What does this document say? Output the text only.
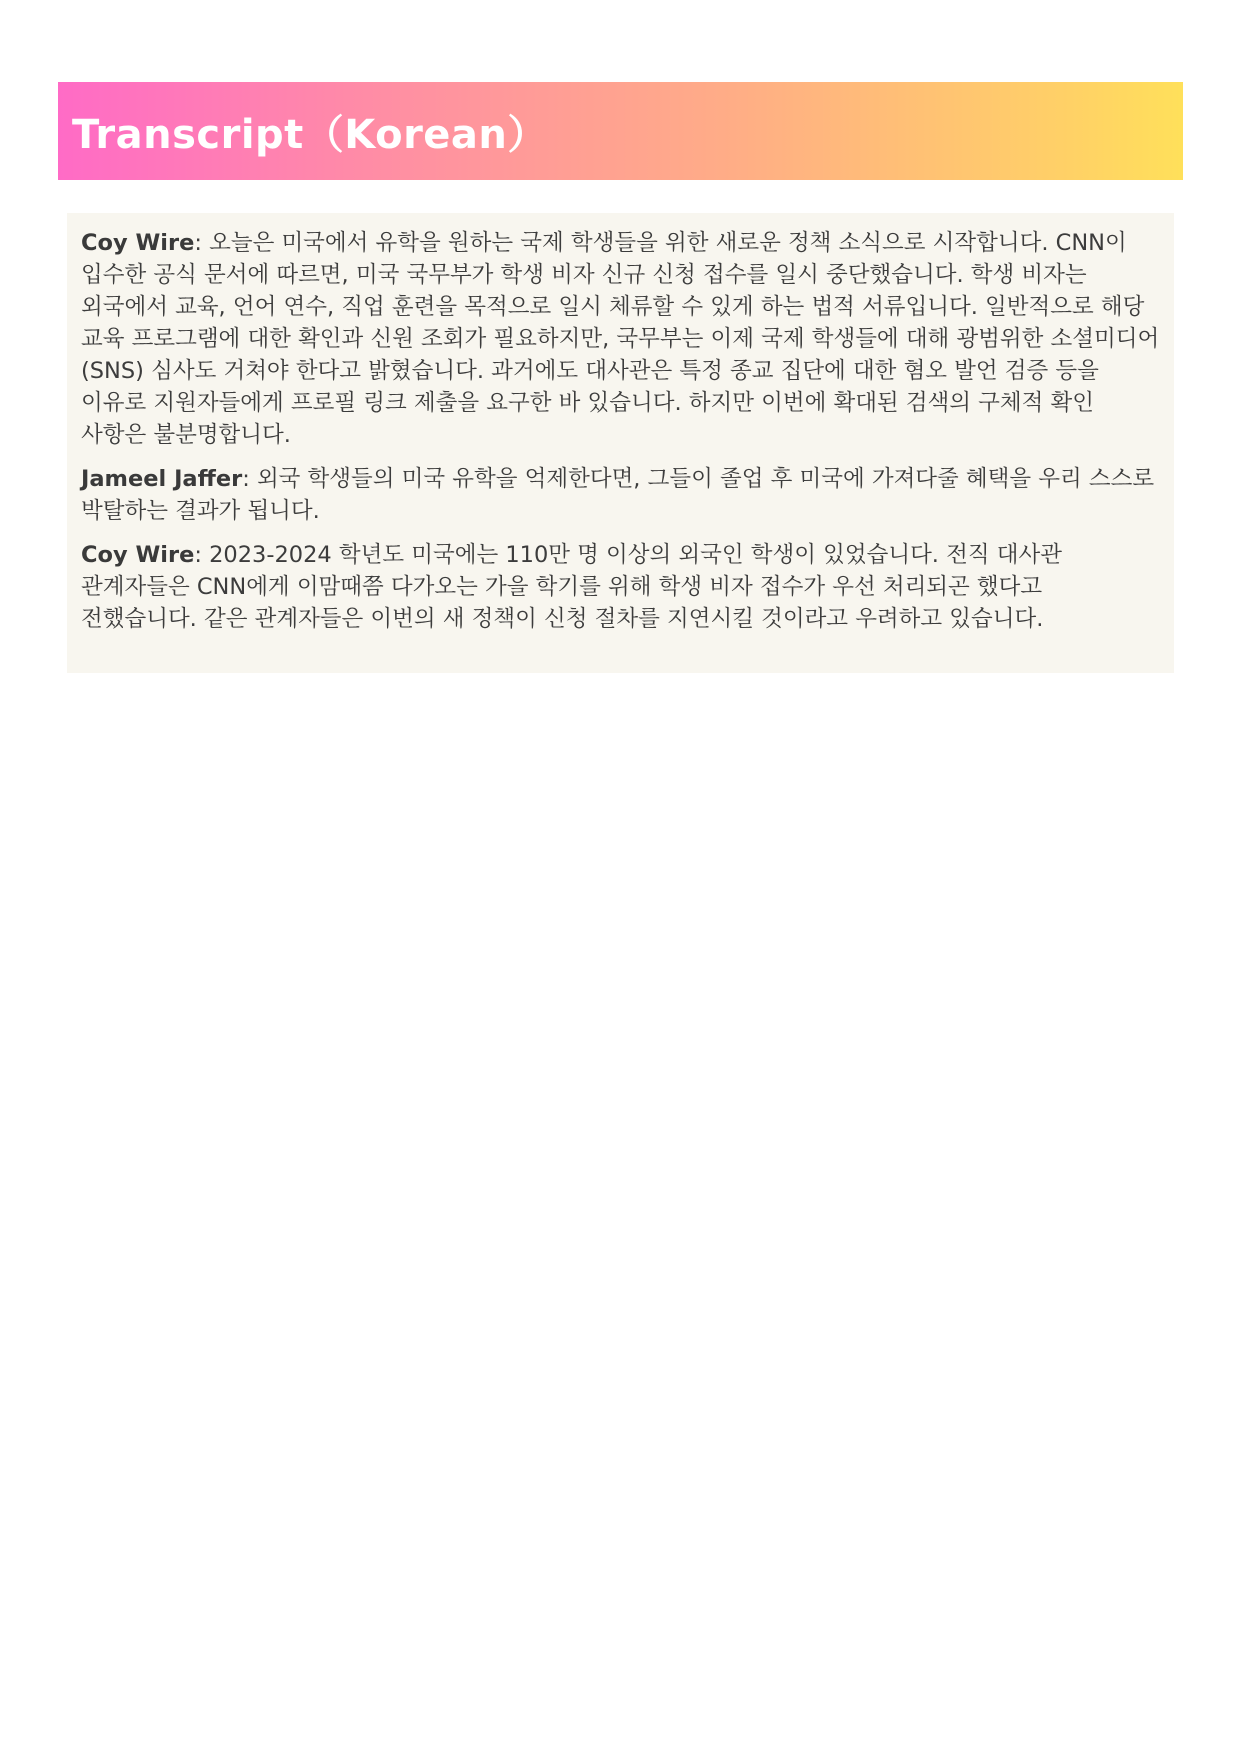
Transcript（Korean）

Coy Wire: 오늘은 미국에서 유학을 원하는 국제 학생들을 위한 새로운 정책 소식으로 시작합니다. CNN이 입수한 공식 문서에 따르면, 미국 국무부가 학생 비자 신규 신청 접수를 일시 중단했습니다. 학생 비자는 외국에서 교육, 언어 연수, 직업 훈련을 목적으로 일시 체류할 수 있게 하는 법적 서류입니다. 일반적으로 해당 교육 프로그램에 대한 확인과 신원 조회가 필요하지만, 국무부는 이제 국제 학생들에 대해 광범위한 소셜미디어(SNS) 심사도 거쳐야 한다고 밝혔습니다. 과거에도 대사관은 특정 종교 집단에 대한 혐오 발언 검증 등을 이유로 지원자들에게 프로필 링크 제출을 요구한 바 있습니다. 하지만 이번에 확대된 검색의 구체적 확인 사항은 불분명합니다.

Jameel Jaffer: 외국 학생들의 미국 유학을 억제한다면, 그들이 졸업 후 미국에 가져다줄 혜택을 우리 스스로 박탈하는 결과가 됩니다.

Coy Wire: 2023-2024 학년도 미국에는 110만 명 이상의 외국인 학생이 있었습니다. 전직 대사관 관계자들은 CNN에게 이맘때쯤 다가오는 가을 학기를 위해 학생 비자 접수가 우선 처리되곤 했다고 전했습니다. 같은 관계자들은 이번의 새 정책이 신청 절차를 지연시킬 것이라고 우려하고 있습니다.
